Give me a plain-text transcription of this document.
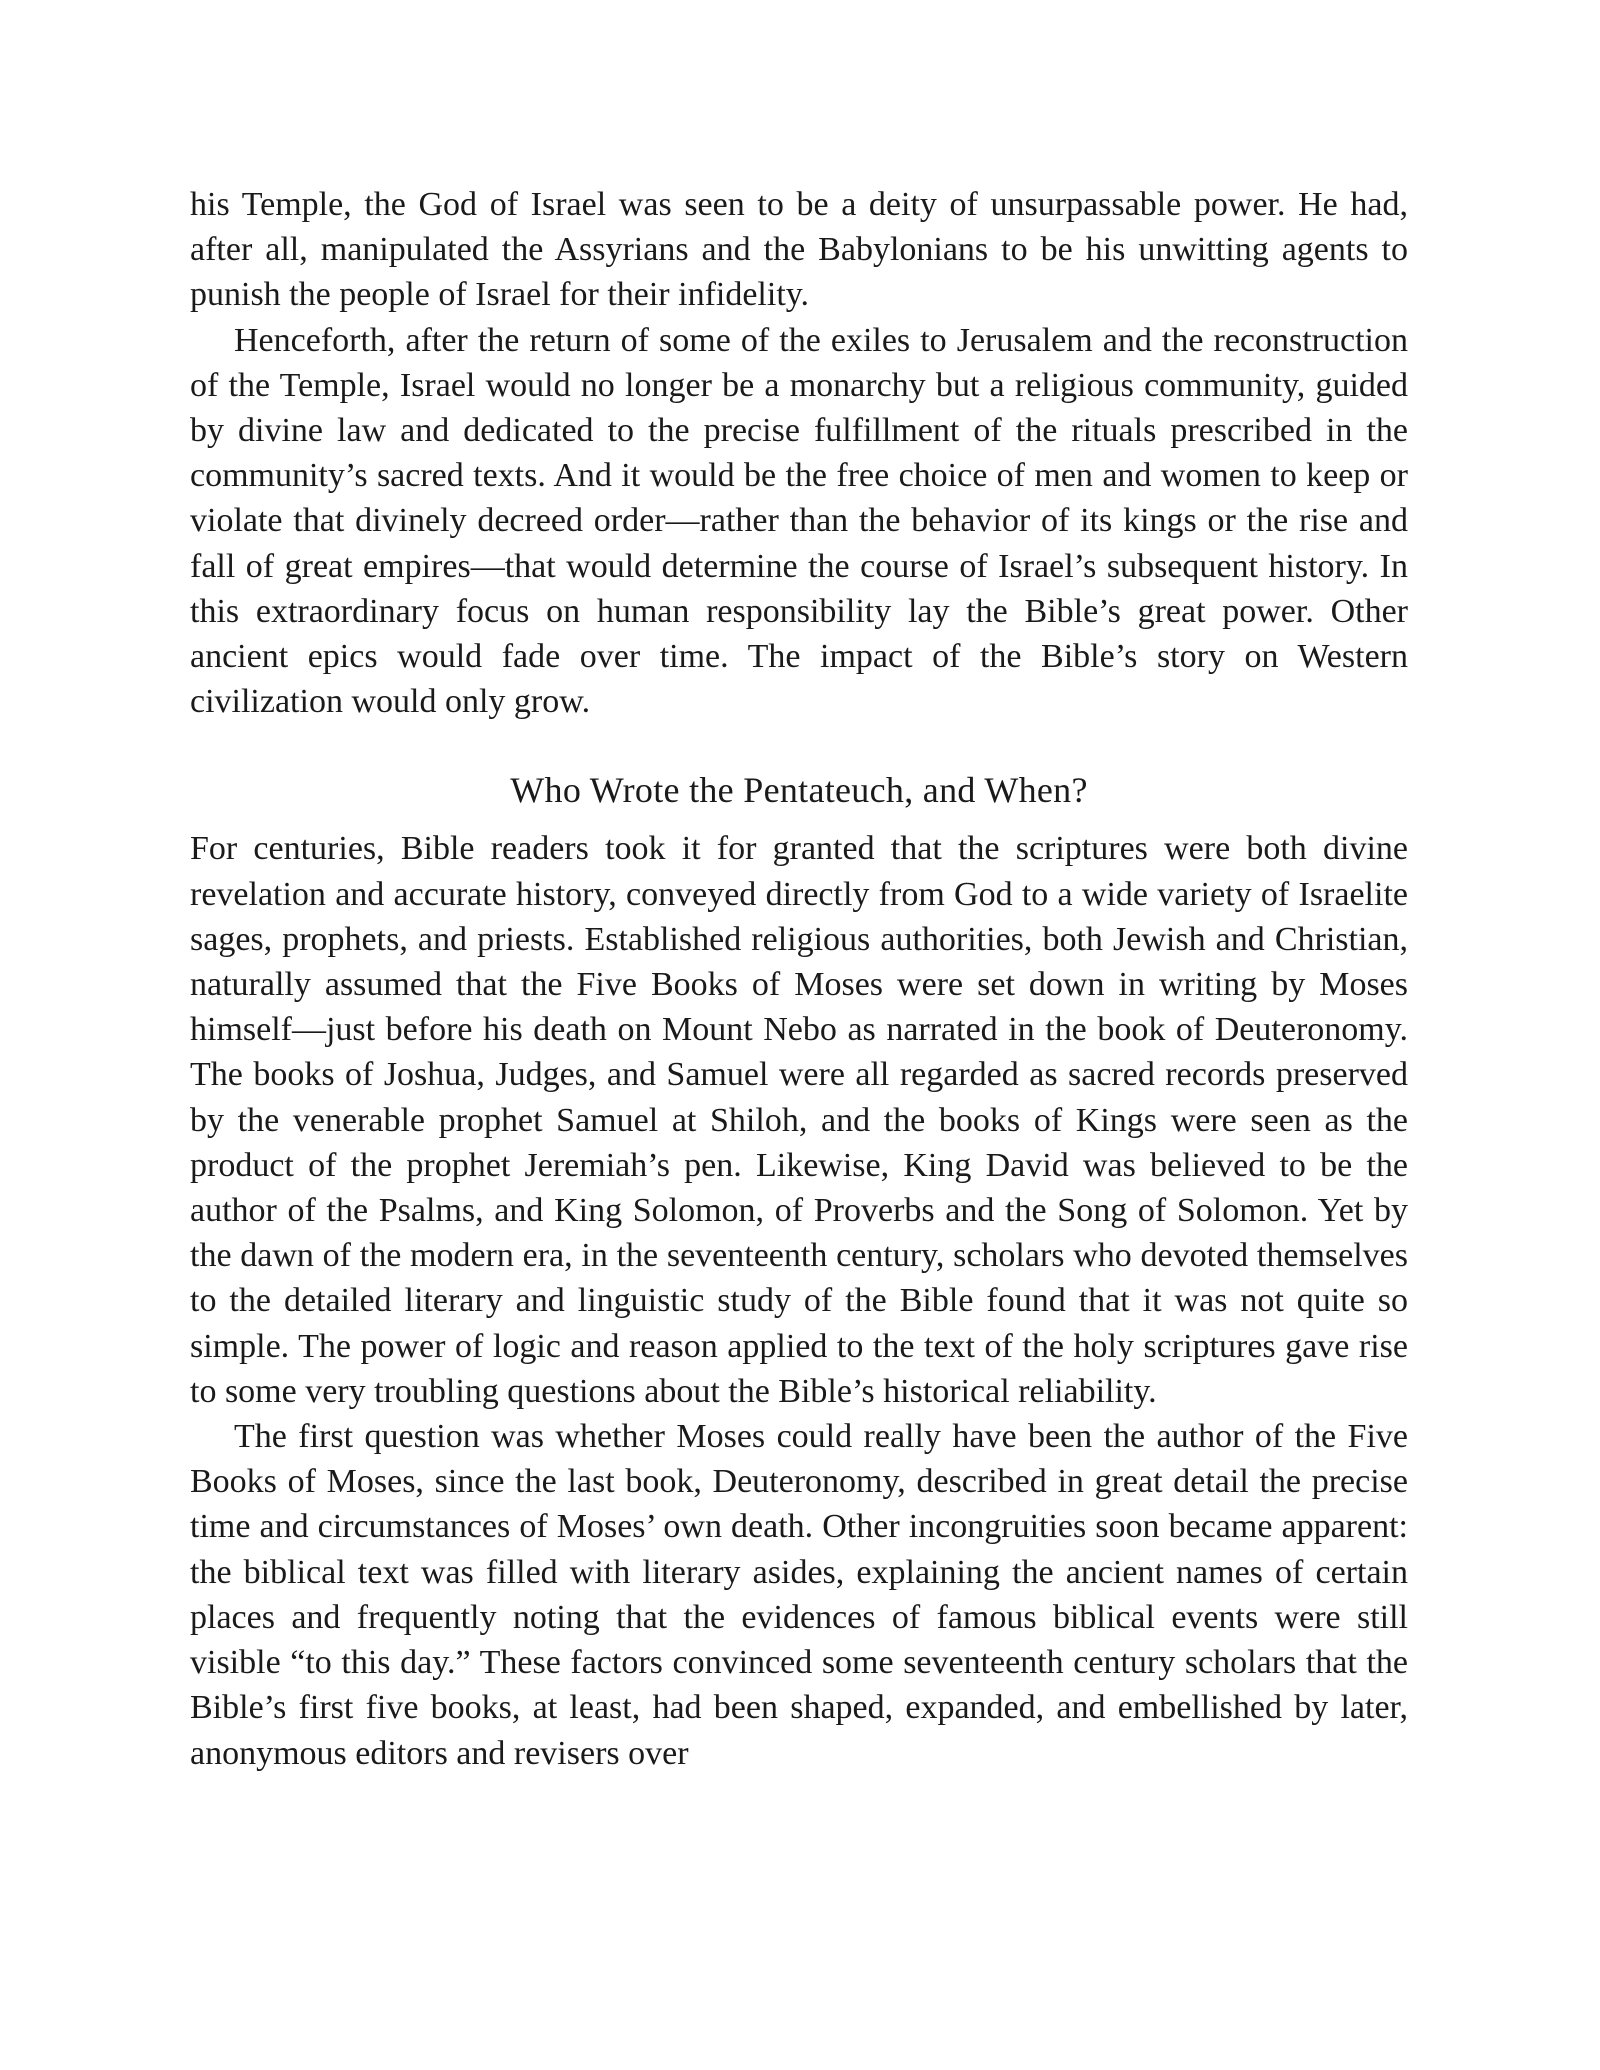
his Temple, the God of Israel was seen to be a deity of unsurpassable power. He had, after all, manipulated the Assyrians and the Babylonians to be his unwitting agents to punish the people of Israel for their infidelity.

Henceforth, after the return of some of the exiles to Jerusalem and the reconstruction of the Temple, Israel would no longer be a monarchy but a religious community, guided by divine law and dedicated to the precise fulfillment of the rituals prescribed in the community’s sacred texts. And it would be the free choice of men and women to keep or violate that divinely decreed order—rather than the behavior of its kings or the rise and fall of great empires—that would determine the course of Israel’s subsequent history. In this extraordinary focus on human responsibility lay the Bible’s great power. Other ancient epics would fade over time. The impact of the Bible’s story on Western civilization would only grow.

Who Wrote the Pentateuch, and When?

For centuries, Bible readers took it for granted that the scriptures were both divine revelation and accurate history, conveyed directly from God to a wide variety of Israelite sages, prophets, and priests. Established religious authorities, both Jewish and Christian, naturally assumed that the Five Books of Moses were set down in writing by Moses himself—just before his death on Mount Nebo as narrated in the book of Deuteronomy. The books of Joshua, Judges, and Samuel were all regarded as sacred records preserved by the venerable prophet Samuel at Shiloh, and the books of Kings were seen as the product of the prophet Jeremiah’s pen. Likewise, King David was believed to be the author of the Psalms, and King Solomon, of Proverbs and the Song of Solomon. Yet by the dawn of the modern era, in the seventeenth century, scholars who devoted themselves to the detailed literary and linguistic study of the Bible found that it was not quite so simple. The power of logic and reason applied to the text of the holy scriptures gave rise to some very troubling questions about the Bible’s historical reliability.

The first question was whether Moses could really have been the author of the Five Books of Moses, since the last book, Deuteronomy, described in great detail the precise time and circumstances of Moses’ own death. Other incongruities soon became apparent: the biblical text was filled with literary asides, explaining the ancient names of certain places and frequently noting that the evidences of famous biblical events were still visible “to this day.” These factors convinced some seventeenth century scholars that the Bible’s first five books, at least, had been shaped, expanded, and embellished by later, anonymous editors and revisers over
